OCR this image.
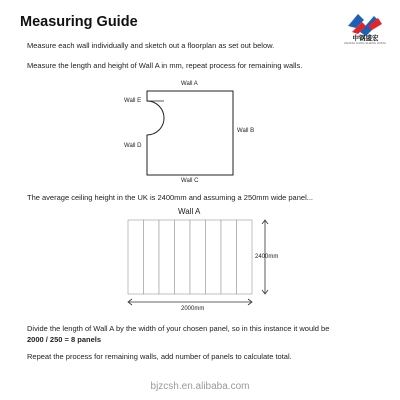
Measuring Guide
中钢盛宏
ZHONG GANG SHENG HONG
Measure each wall individually and sketch out a floorplan as set out below.
Measure the length and height of Wall A in mm, repeat process for remaining walls.
Wall A
Wall B
Wall C
Wall D
Wall E
The average ceiling height in the UK is 2400mm and assuming a 250mm wide panel...
Wall A
2400mm
2000mm
Divide the length of Wall A by the width of your chosen panel, so in this instance it would be
2000 / 250 = 8 panels
Repeat the process for remaining walls, add number of panels to calculate total.
bjzcsh.en.alibaba.com
